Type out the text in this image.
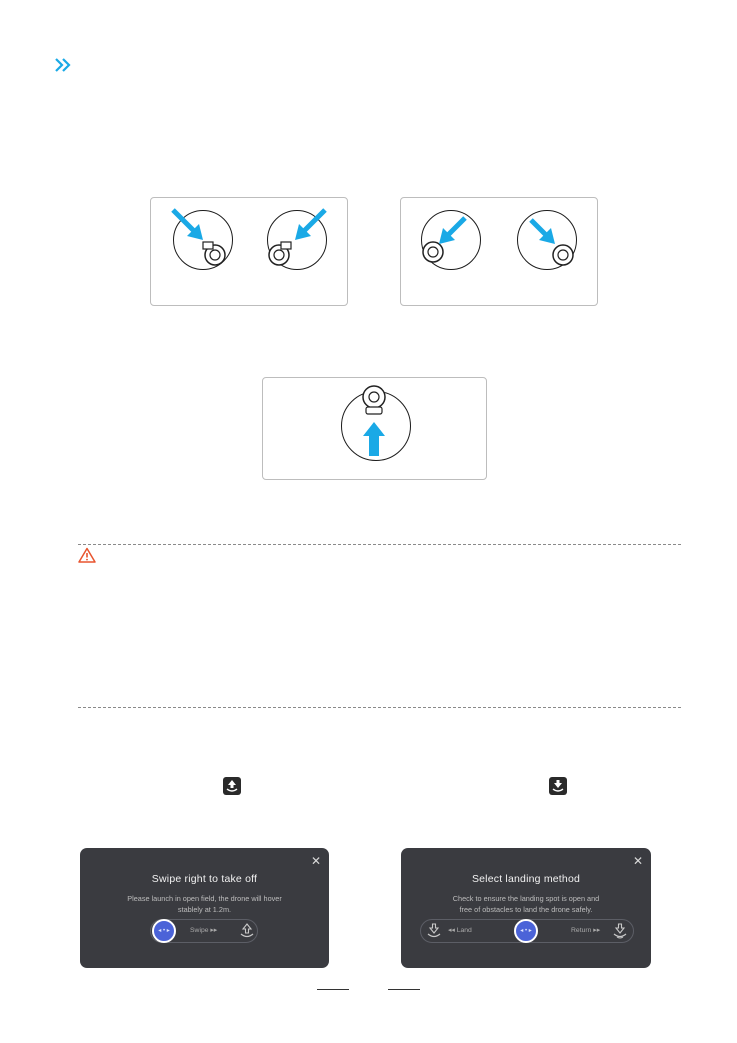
✕
Swipe right to take off
Please launch in open field, the drone will hover
stablely at 1.2m.
◂ • ▸	Swipe ▸▸
✕
Select landing method
Check to ensure the landing spot is open and
free of obstacles to land the drone safely.
◂◂ Land	◂ • ▸	Return ▸▸
